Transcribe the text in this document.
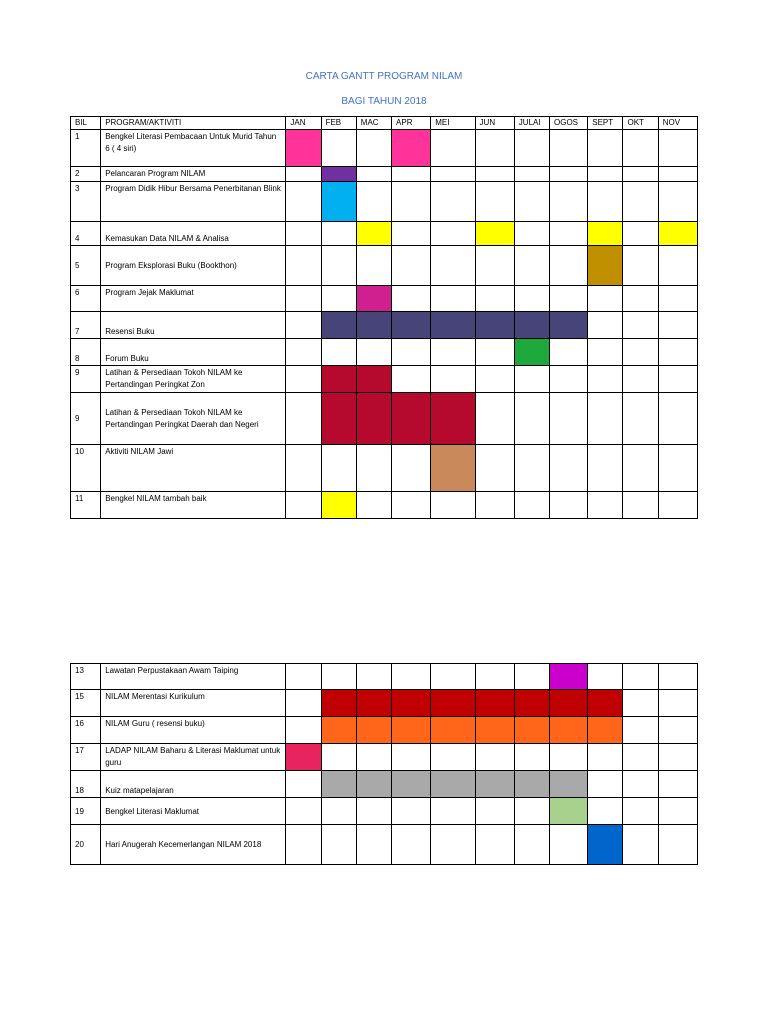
CARTA GANTT PROGRAM NILAM
BAGI TAHUN 2018
BIL	PROGRAM/AKTIVITI	JAN	FEB	MAC	APR	MEI	JUN	JULAI	OGOS	SEPT	OKT	NOV
1	Bengkel Literasi Pembacaan Untuk Murid Tahun 6 ( 4 siri)											
2	Pelancaran Program NILAM											
3	Program Didik Hibur Bersama Penerbitanan Blink											
4	Kemasukan Data NILAM & Analisa											
5	Program Eksplorasi Buku (Bookthon)											
6	Program Jejak Maklumat											
7	Resensi Buku											
8	Forum Buku											
9	Latihan & Persediaan Tokoh NILAM ke Pertandingan Peringkat Zon											
9	Latihan & Persediaan Tokoh NILAM ke Pertandingan Peringkat Daerah dan Negeri											
10	Aktiviti NILAM Jawi											
11	Bengkel NILAM tambah baik											
13	Lawatan Perpustakaan Awam Taiping											
15	NILAM Merentasi Kurikulum											
16	NILAM Guru ( resensi buku)											
17	LADAP NILAM Baharu & Literasi Maklumat untuk guru											
18	Kuiz matapelajaran											
19	Bengkel Literasi Maklumat											
20	Hari Anugerah Kecemerlangan NILAM 2018											
